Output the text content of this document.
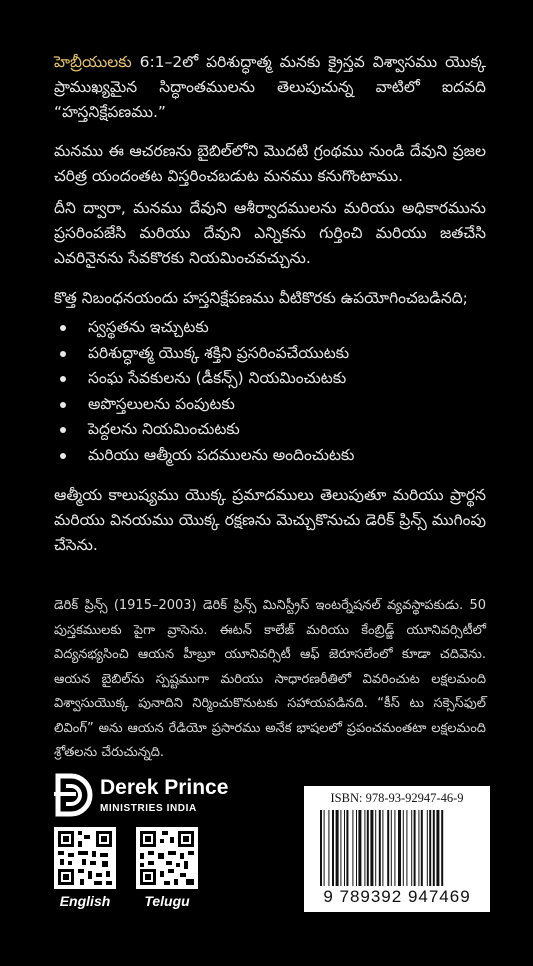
హెబ్రీయులకు 6:1–2లో పరిశుద్ధాత్మ మనకు క్రైస్తవ విశ్వాసము యొక్క ప్రాముఖ్యమైన సిద్ధాంతములను తెలుపుచున్న వాటిలో ఐదవది “హస్తనిక్షేపణము.”
మనము ఈ ఆచరణను బైబిల్‌లోని మొదటి గ్రంథము నుండి దేవుని ప్రజల చరిత్ర యందంతట విస్తరించబడుట మనము కనుగొంటాము.
దీని ద్వారా, మనము దేవుని ఆశీర్వాదములను మరియు అధికారమును ప్రసరింపజేసి మరియు దేవుని ఎన్నికను గుర్తించి మరియు జతచేసి ఎవరినైనను సేవకొరకు నియమించవచ్చును.
కొత్త నిబంధనయందు హస్తనిక్షేపణము వీటికొరకు ఉపయోగించబడినది;
స్వస్థతను ఇచ్చుటకు
పరిశుద్ధాత్మ యొక్క శక్తిని ప్రసరింపచేయుటకు
సంఘ సేవకులను (డీకన్స్) నియమించుటకు
అపొస్తలులను పంపుటకు
పెద్దలను నియమించుటకు
మరియు ఆత్మీయ పదములను అందించుటకు
ఆత్మీయ కాలుష్యము యొక్క ప్రమాదములు తెలుపుతూ మరియు ప్రార్థన మరియు వినయము యొక్క రక్షణను మెచ్చుకొనుచు డెరిక్ ప్రిన్స్ ముగింపు చేసెను.
డెరిక్ ప్రిన్స్ (1915–2003) డెరిక్ ప్రిన్స్ మినిస్ట్రీస్ ఇంటర్నేషనల్ వ్యవస్థాపకుడు. 50 పుస్తకములకు పైగా వ్రాసెను. ఈటన్ కాలేజ్ మరియు కేంబ్రిడ్జ్ యూనివర్సిటీలో విద్యనభ్యసించి ఆయన హీబ్రూ యూనివర్సిటీ ఆఫ్ జెరూసలేంలో కూడా చదివెను. ఆయన బైబిల్‌ను స్పష్టముగా మరియు సాధారణరీతిలో వివరించుట లక్షలమంది విశ్వాసుయొక్క పునాదిని నిర్మించుకొనుటకు సహాయపడినది. “కీస్ టు సక్సెస్‌ఫుల్ లివింగ్” అను ఆయన రేడియో ప్రసారము అనేక భాషలలో ప్రపంచమంతటా లక్షలమంది శ్రోతలను చేరుచున్నది.
Derek Prince
MINISTRIES INDIA
English	Telugu
ISBN: 978-93-92947-46-9
9 789392 947469
